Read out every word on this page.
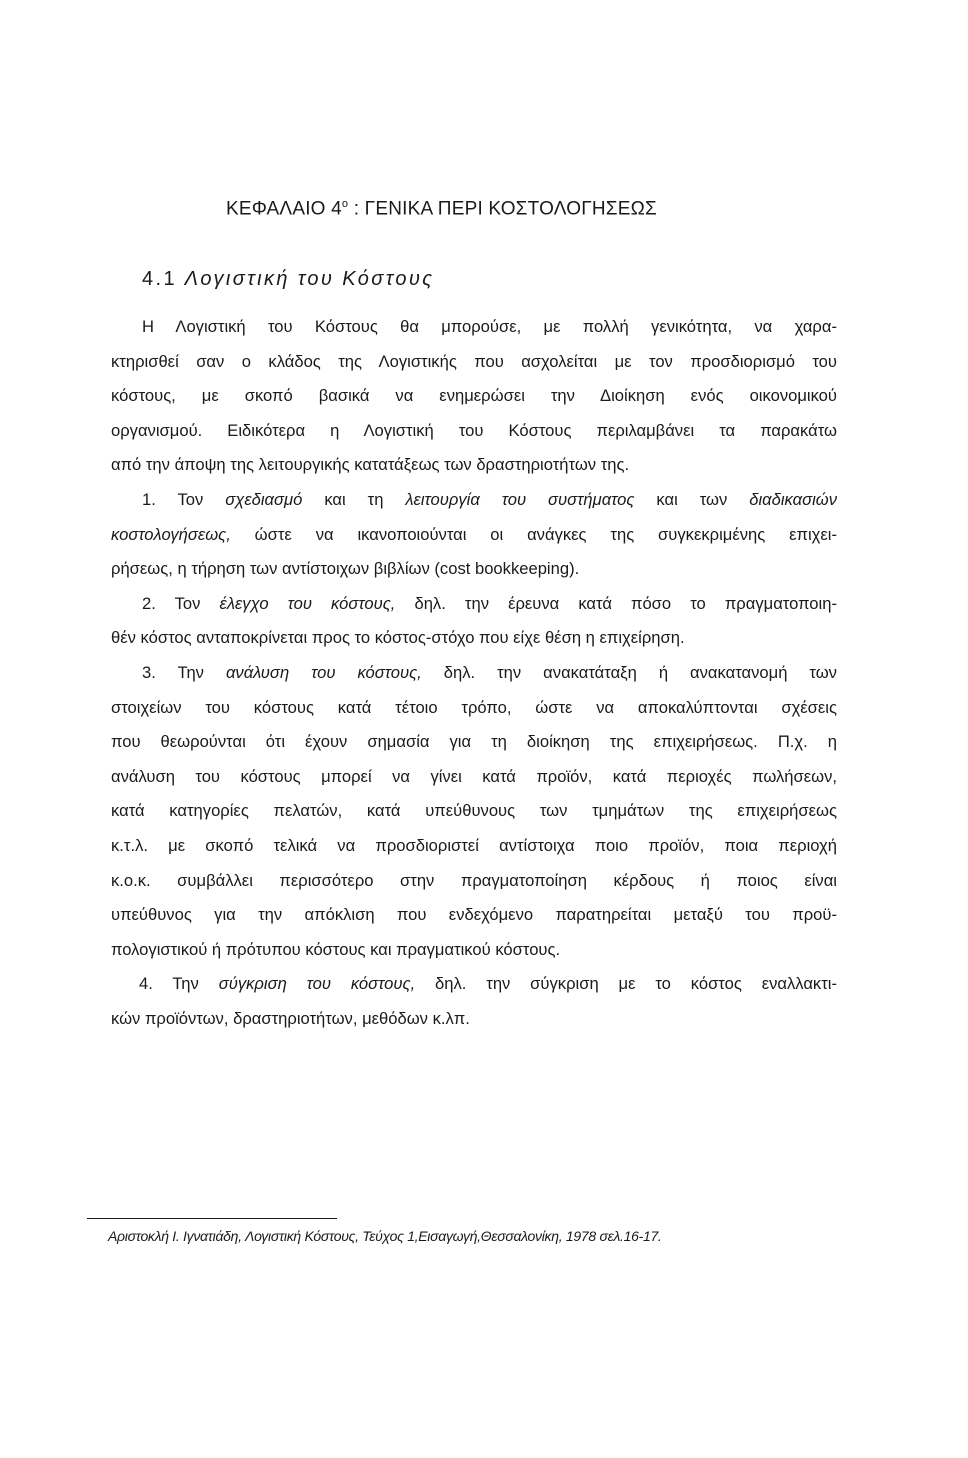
ΚΕΦΑΛΑΙΟ $4^o$ : ΓΕΝΙΚΑ ΠΕΡΙ ΚΟΣΤΟΛΟΓΗΣΕΩΣ
4.1 Λογιστική του Κόστους

Η Λογιστική του Κόστους θα μπορούσε, με πολλή γενικότητα, να χαρα-
κτηρισθεί σαν ο κλάδος της Λογιστικής που ασχολείται με τον προσδιορισμό του
κόστους, με σκοπό βασικά να ενημερώσει την Διοίκηση ενός οικονομικού
οργανισμού. Ειδικότερα η Λογιστική του Κόστους περιλαμβάνει τα παρακάτω
από την άποψη της λειτουργικής κατατάξεως των δραστηριοτήτων της.

1. Τον σχεδιασμό και τη λειτουργία του συστήματος και των διαδικασιών
κοστολογήσεως, ώστε να ικανοποιούνται οι ανάγκες της συγκεκριμένης επιχει-
ρήσεως, η τήρηση των αντίστοιχων βιβλίων (cost bookkeeping).

2. Τον έλεγχο του κόστους, δηλ. την έρευνα κατά πόσο το πραγματοποιη-
θέν κόστος ανταποκρίνεται προς το κόστος-στόχο που είχε θέση η επιχείρηση.

3. Την ανάλυση του κόστους, δηλ. την ανακατάταξη ή ανακατανομή των
στοιχείων του κόστους κατά τέτοιο τρόπο, ώστε να αποκαλύπτονται σχέσεις
που θεωρούνται ότι έχουν σημασία για τη διοίκηση της επιχειρήσεως. Π.χ. η
ανάλυση του κόστους μπορεί να γίνει κατά προϊόν, κατά περιοχές πωλήσεων,
κατά κατηγορίες πελατών, κατά υπεύθυνους των τμημάτων της επιχειρήσεως
κ.τ.λ. με σκοπό τελικά να προσδιοριστεί αντίστοιχα ποιο προϊόν, ποια περιοχή
κ.ο.κ. συμβάλλει περισσότερο στην πραγματοποίηση κέρδους ή ποιος είναι
υπεύθυνος για την απόκλιση που ενδεχόμενο παρατηρείται μεταξύ του προϋ-
πολογιστικού ή πρότυπου κόστους και πραγματικού κόστους.

4. Την σύγκριση του κόστους, δηλ. την σύγκριση με το κόστος εναλλακτι-
κών προϊόντων, δραστηριοτήτων, μεθόδων κ.λπ.

Αριστοκλή Ι. Ιγνατιάδη, Λογιστική Κόστους, Τεύχος 1,Εισαγωγή,Θεσσαλονίκη, 1978 σελ.16-17.
